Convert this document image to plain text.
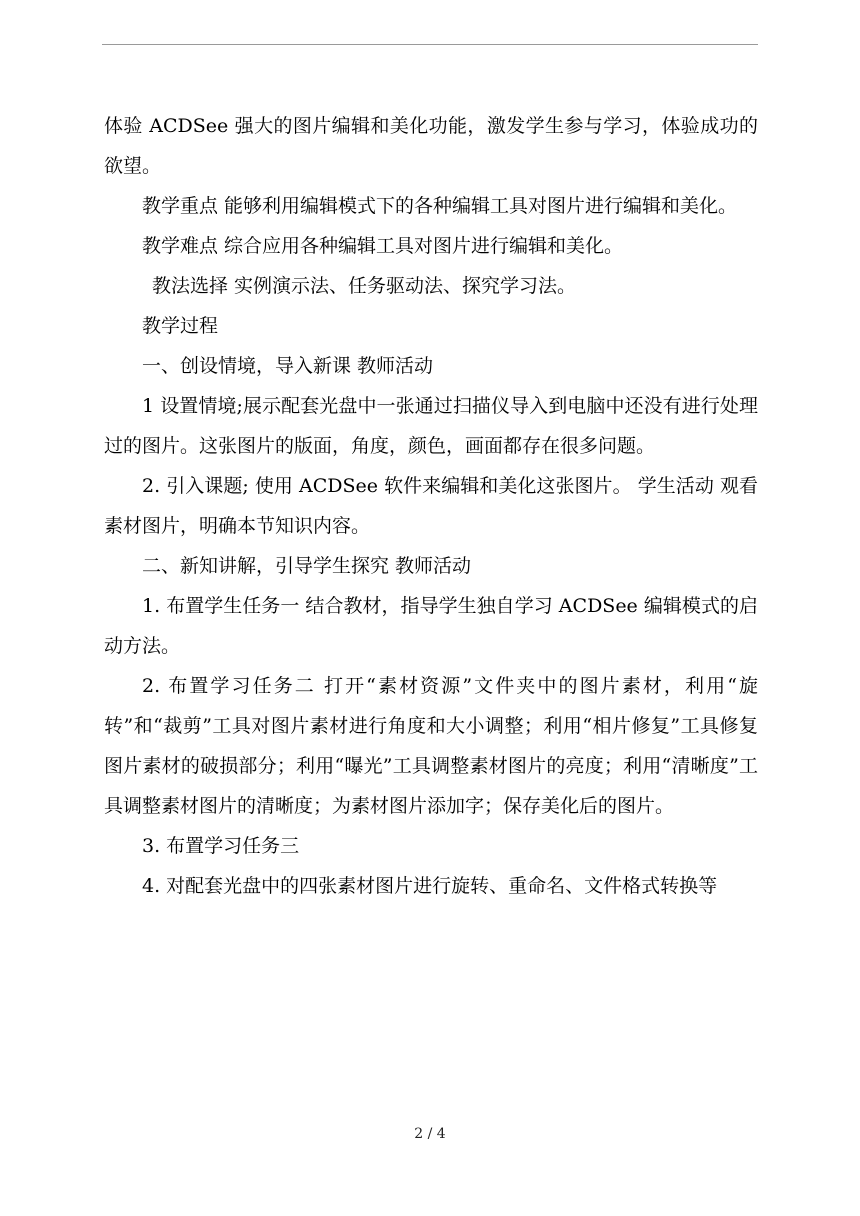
体验 ACDSee 强大的图片编辑和美化功能，激发学生参与学习，体验成功的欲望。

教学重点 能够利用编辑模式下的各种编辑工具对图片进行编辑和美化。

教学难点 综合应用各种编辑工具对图片进行编辑和美化。

教法选择 实例演示法、任务驱动法、探究学习法。

教学过程

一、创设情境，导入新课 教师活动

1 设置情境;展示配套光盘中一张通过扫描仪导入到电脑中还没有进行处理过的图片。这张图片的版面，角度，颜色，画面都存在很多问题。

2. 引入课题; 使用 ACDSee 软件来编辑和美化这张图片。 学生活动 观看素材图片，明确本节知识内容。

二、新知讲解，引导学生探究 教师活动

1. 布置学生任务一 结合教材，指导学生独自学习 ACDSee 编辑模式的启动方法。

2. 布置学习任务二 打开“素材资源”文件夹中的图片素材，利用“旋转”和“裁剪”工具对图片素材进行角度和大小调整；利用“相片修复”工具修复图片素材的破损部分；利用“曝光”工具调整素材图片的亮度；利用“清晰度”工具调整素材图片的清晰度；为素材图片添加字；保存美化后的图片。

3. 布置学习任务三

4. 对配套光盘中的四张素材图片进行旋转、重命名、文件格式转换等

2 / 4
